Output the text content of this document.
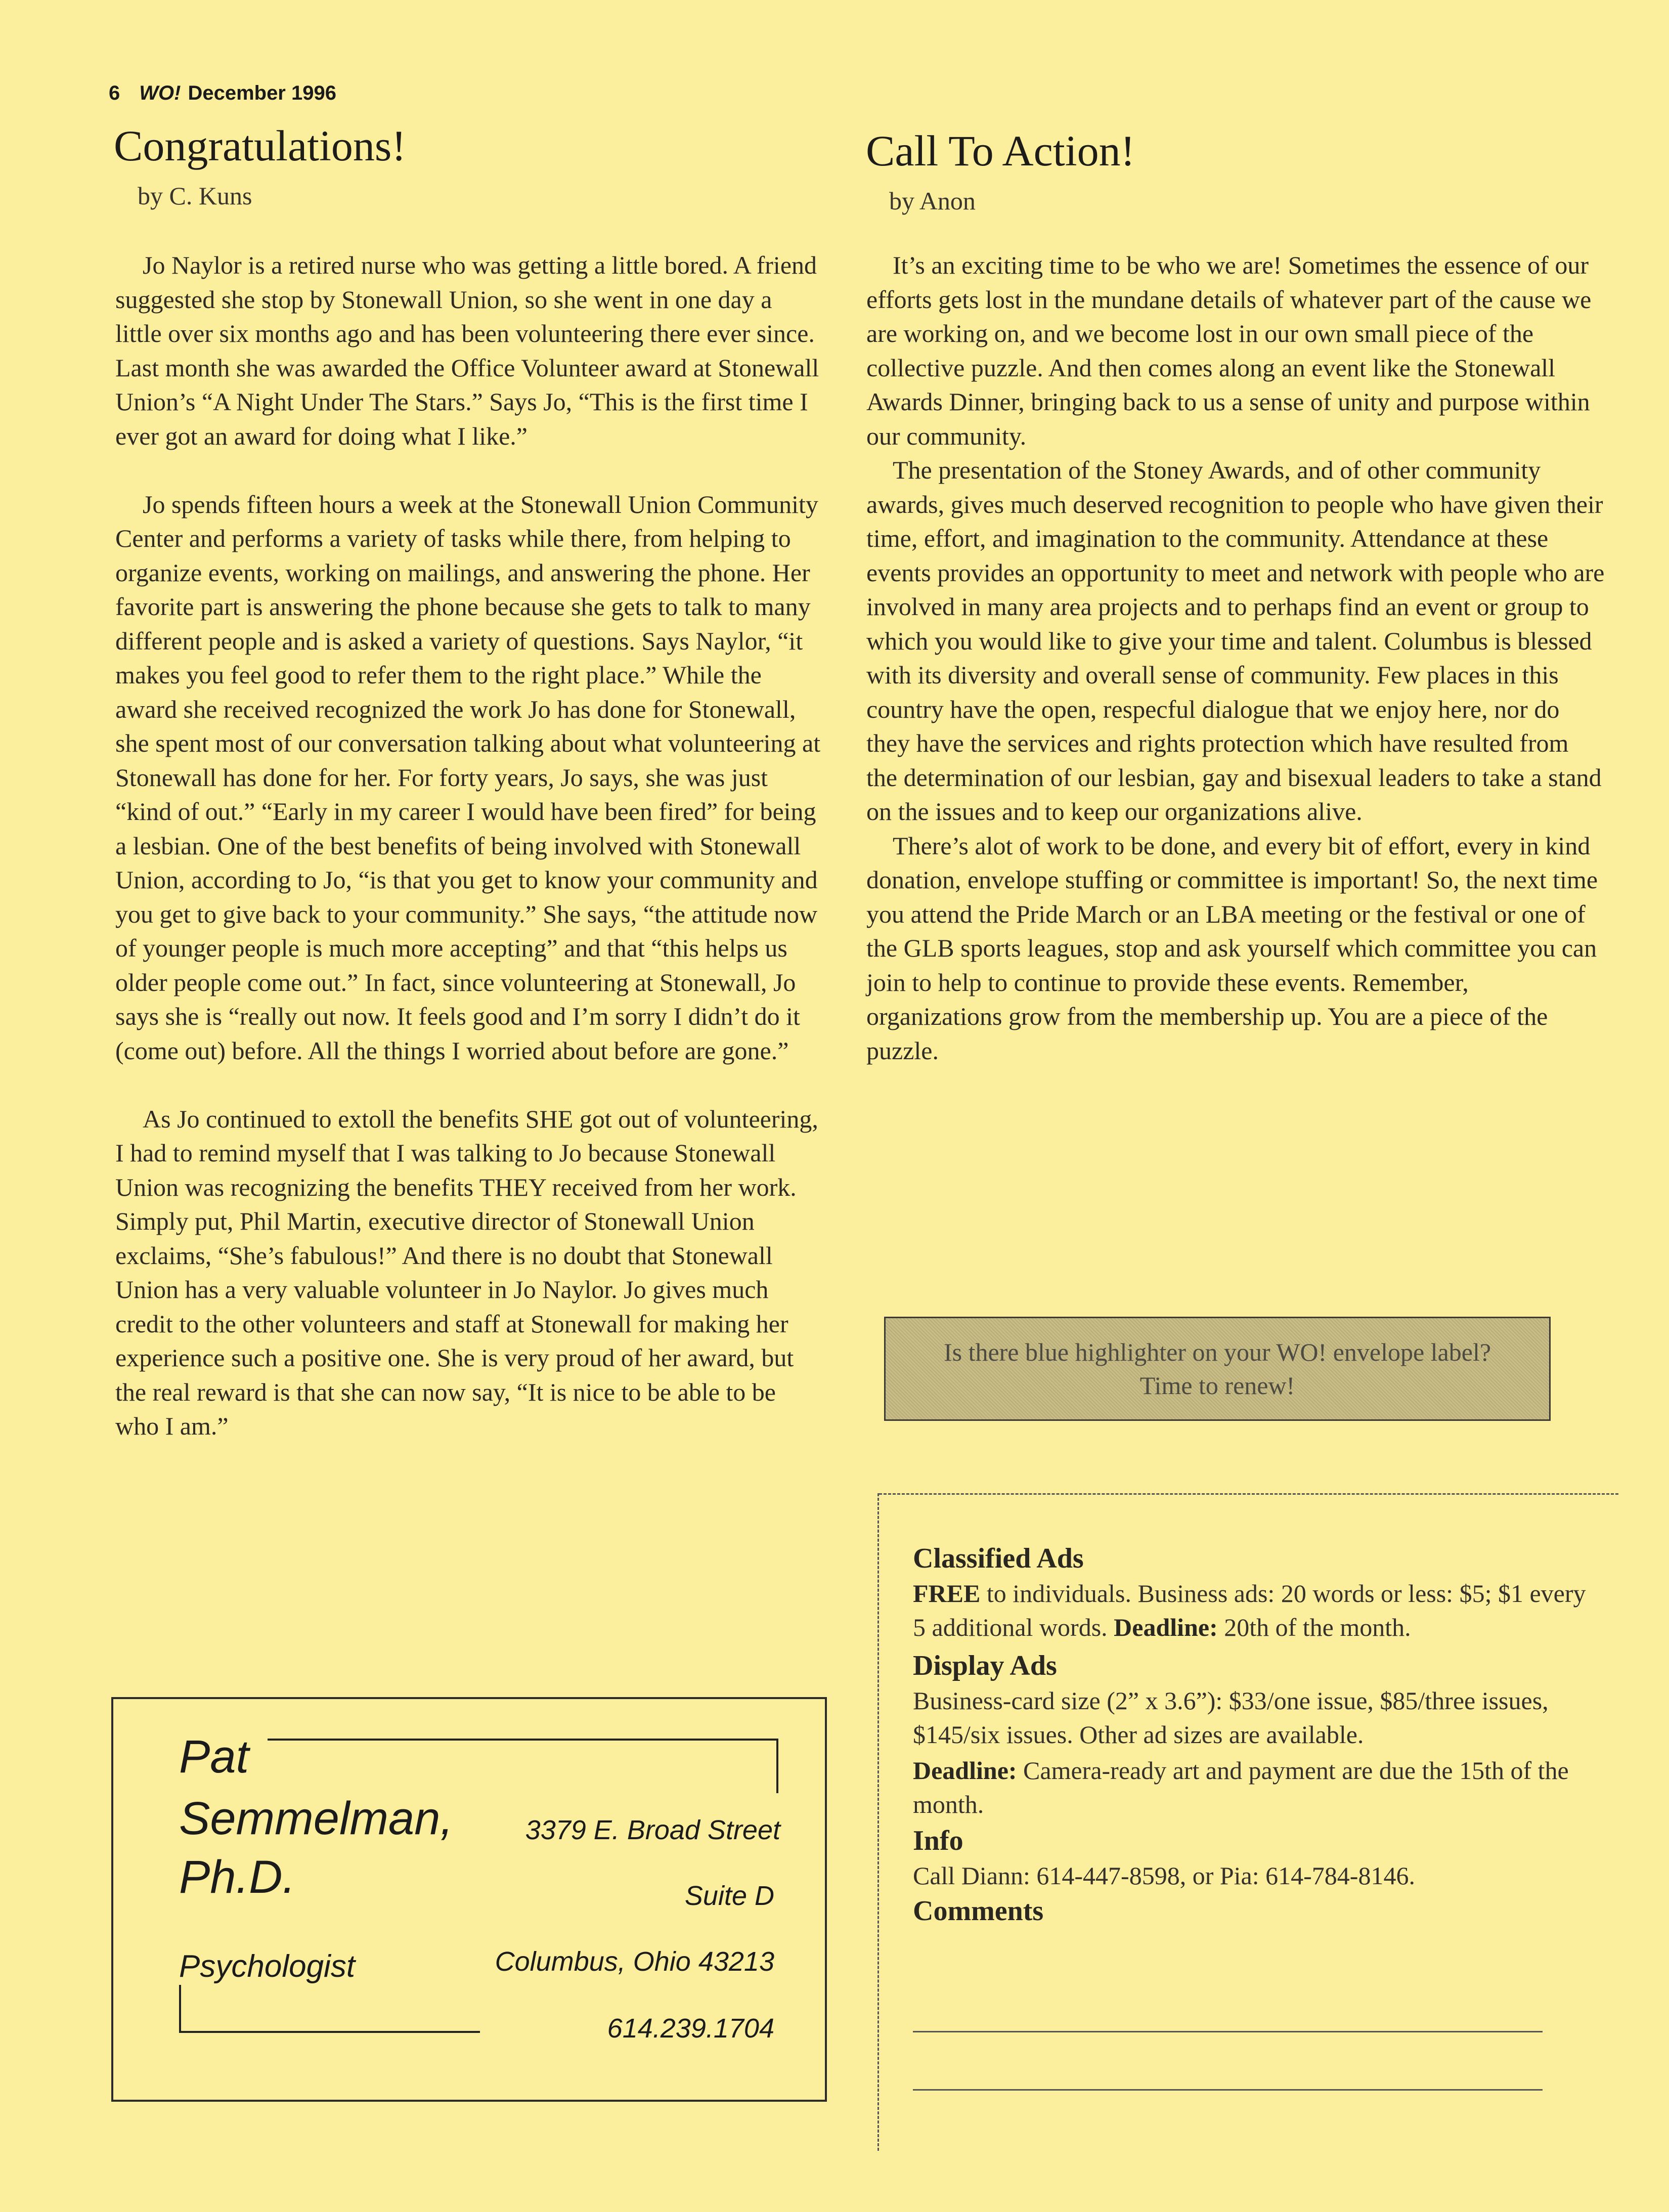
6 WO! December 1996
Congratulations!
by C. Kuns

Jo Naylor is a retired nurse who was getting a little bored. A friend suggested she stop by Stonewall Union, so she went in one day a little over six months ago and has been volunteering there ever since. Last month she was awarded the Office Volunteer award at Stonewall Union’s “A Night Under The Stars.” Says Jo, “This is the first time I ever got an award for doing what I like.”

Jo spends fifteen hours a week at the Stonewall Union Community Center and performs a variety of tasks while there, from helping to organize events, working on mailings, and answering the phone. Her favorite part is answering the phone because she gets to talk to many different people and is asked a variety of questions. Says Naylor, “it makes you feel good to refer them to the right place.” While the award she received recognized the work Jo has done for Stonewall, she spent most of our conversation talking about what volunteering at Stonewall has done for her. For forty years, Jo says, she was just “kind of out.” “Early in my career I would have been fired” for being a lesbian. One of the best benefits of being involved with Stonewall Union, according to Jo, “is that you get to know your community and you get to give back to your community.” She says, “the attitude now of younger people is much more accepting” and that “this helps us older people come out.” In fact, since volunteering at Stonewall, Jo says she is “really out now. It feels good and I’m sorry I didn’t do it (come out) before. All the things I worried about before are gone.”

As Jo continued to extoll the benefits SHE got out of volunteering, I had to remind myself that I was talking to Jo because Stonewall Union was recognizing the benefits THEY received from her work. Simply put, Phil Martin, executive director of Stonewall Union exclaims, “She’s fabulous!” And there is no doubt that Stonewall Union has a very valuable volunteer in Jo Naylor. Jo gives much credit to the other volunteers and staff at Stonewall for making her experience such a positive one. She is very proud of her award, but the real reward is that she can now say, “It is nice to be able to be who I am.”

Call To Action!
by Anon

It’s an exciting time to be who we are! Sometimes the essence of our efforts gets lost in the mundane details of whatever part of the cause we are working on, and we become lost in our own small piece of the collective puzzle. And then comes along an event like the Stonewall Awards Dinner, bringing back to us a sense of unity and purpose within our community.

The presentation of the Stoney Awards, and of other community awards, gives much deserved recognition to people who have given their time, effort, and imagination to the community. Attendance at these events provides an opportunity to meet and network with people who are involved in many area projects and to perhaps find an event or group to which you would like to give your time and talent. Columbus is blessed with its diversity and overall sense of community. Few places in this country have the open, respecful dialogue that we enjoy here, nor do they have the services and rights protection which have resulted from the determination of our lesbian, gay and bisexual leaders to take a stand on the issues and to keep our organizations alive.

There’s alot of work to be done, and every bit of effort, every in kind donation, envelope stuffing or committee is important! So, the next time you attend the Pride March or an LBA meeting or the festival or one of the GLB sports leagues, stop and ask yourself which committee you can join to help to continue to provide these events. Remember, organizations grow from the membership up. You are a piece of the puzzle.

Is there blue highlighter on your WO! envelope label? Time to renew!
Classified Ads
FREE to individuals. Business ads: 20 words or less: $5; $1 every 5 additional words. Deadline: 20th of the month.
Display Ads
Business-card size (2” x 3.6”): $33/one issue, $85/three issues, $145/six issues. Other ad sizes are available.
Deadline: Camera-ready art and payment are due the 15th of the month.
Info
Call Diann: 614-447-8598, or Pia: 614-784-8146.
Comments
Pat
Semmelman,
Ph.D.
Psychologist
3379 E. Broad Street
Suite D
Columbus, Ohio 43213
614.239.1704
